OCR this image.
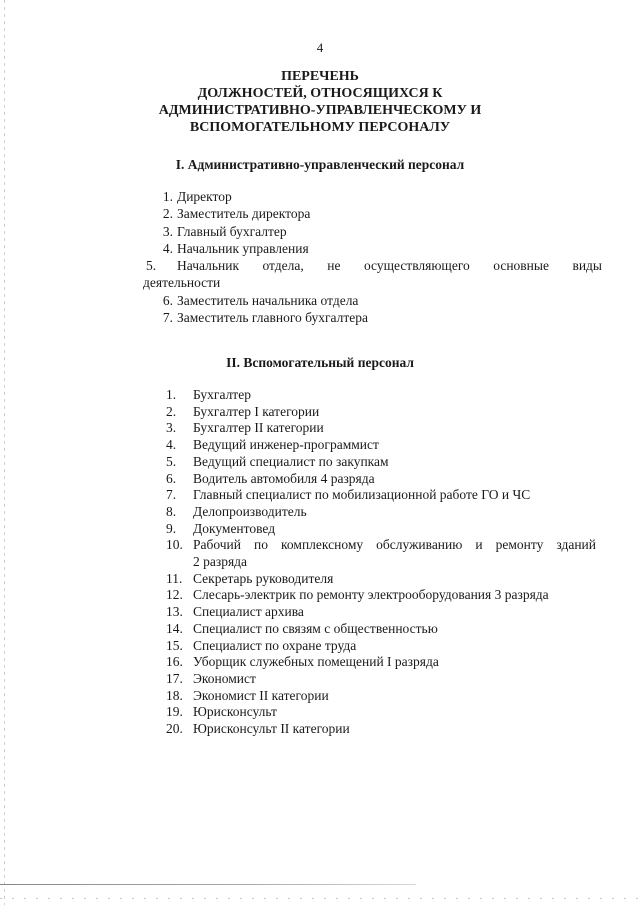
4
ПЕРЕЧЕНЬ
ДОЛЖНОСТЕЙ, ОТНОСЯЩИХСЯ К
АДМИНИСТРАТИВНО-УПРАВЛЕНЧЕСКОМУ И
ВСПОМОГАТЕЛЬНОМУ ПЕРСОНАЛУ
I. Административно-управленческий персонал
1. Директор
2. Заместитель директора
3. Главный бухгалтер
4. Начальник управления
5. Начальник отдела, не осуществляющего основные виды
деятельности
6. Заместитель начальника отдела
7. Заместитель главного бухгалтера
II. Вспомогательный персонал
1.	Бухгалтер
2.	Бухгалтер I категории
3.	Бухгалтер II категории
4.	Ведущий инженер-программист
5.	Ведущий специалист по закупкам
6.	Водитель автомобиля 4 разряда
7.	Главный специалист по мобилизационной работе ГО и ЧС
8.	Делопроизводитель
9.	Документовед
10. Рабочий по комплексному обслуживанию и ремонту зданий
2 разряда
11. Секретарь руководителя
12. Слесарь-электрик по ремонту электрооборудования 3 разряда
13. Специалист архива
14. Специалист по связям с общественностью
15. Специалист по охране труда
16. Уборщик служебных помещений I разряда
17. Экономист
18. Экономист II категории
19. Юрисконсульт
20. Юрисконсульт II категории
